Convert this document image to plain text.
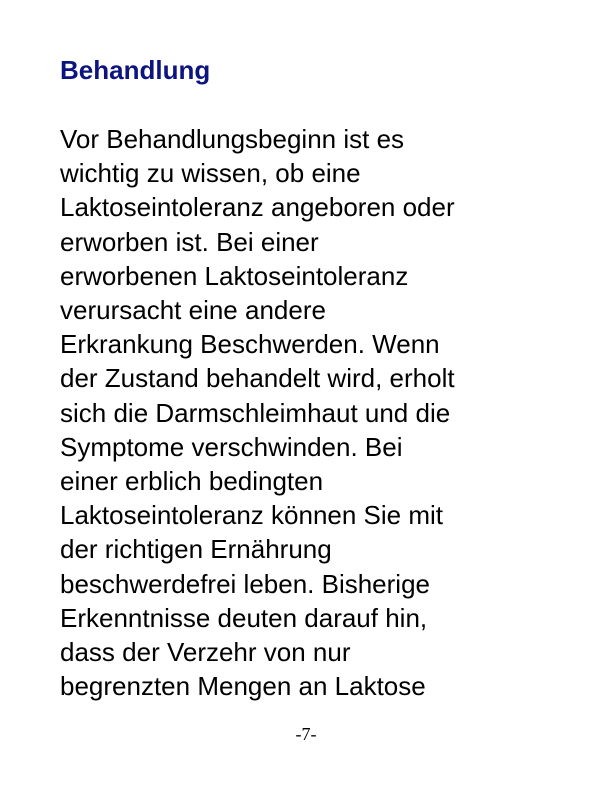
Behandlung
Vor Behandlungsbeginn ist es
wichtig zu wissen, ob eine
Laktoseintoleranz angeboren oder
erworben ist. Bei einer
erworbenen Laktoseintoleranz
verursacht eine andere
Erkrankung Beschwerden. Wenn
der Zustand behandelt wird, erholt
sich die Darmschleimhaut und die
Symptome verschwinden. Bei
einer erblich bedingten
Laktoseintoleranz können Sie mit
der richtigen Ernährung
beschwerdefrei leben. Bisherige
Erkenntnisse deuten darauf hin,
dass der Verzehr von nur
begrenzten Mengen an Laktose
-7-
